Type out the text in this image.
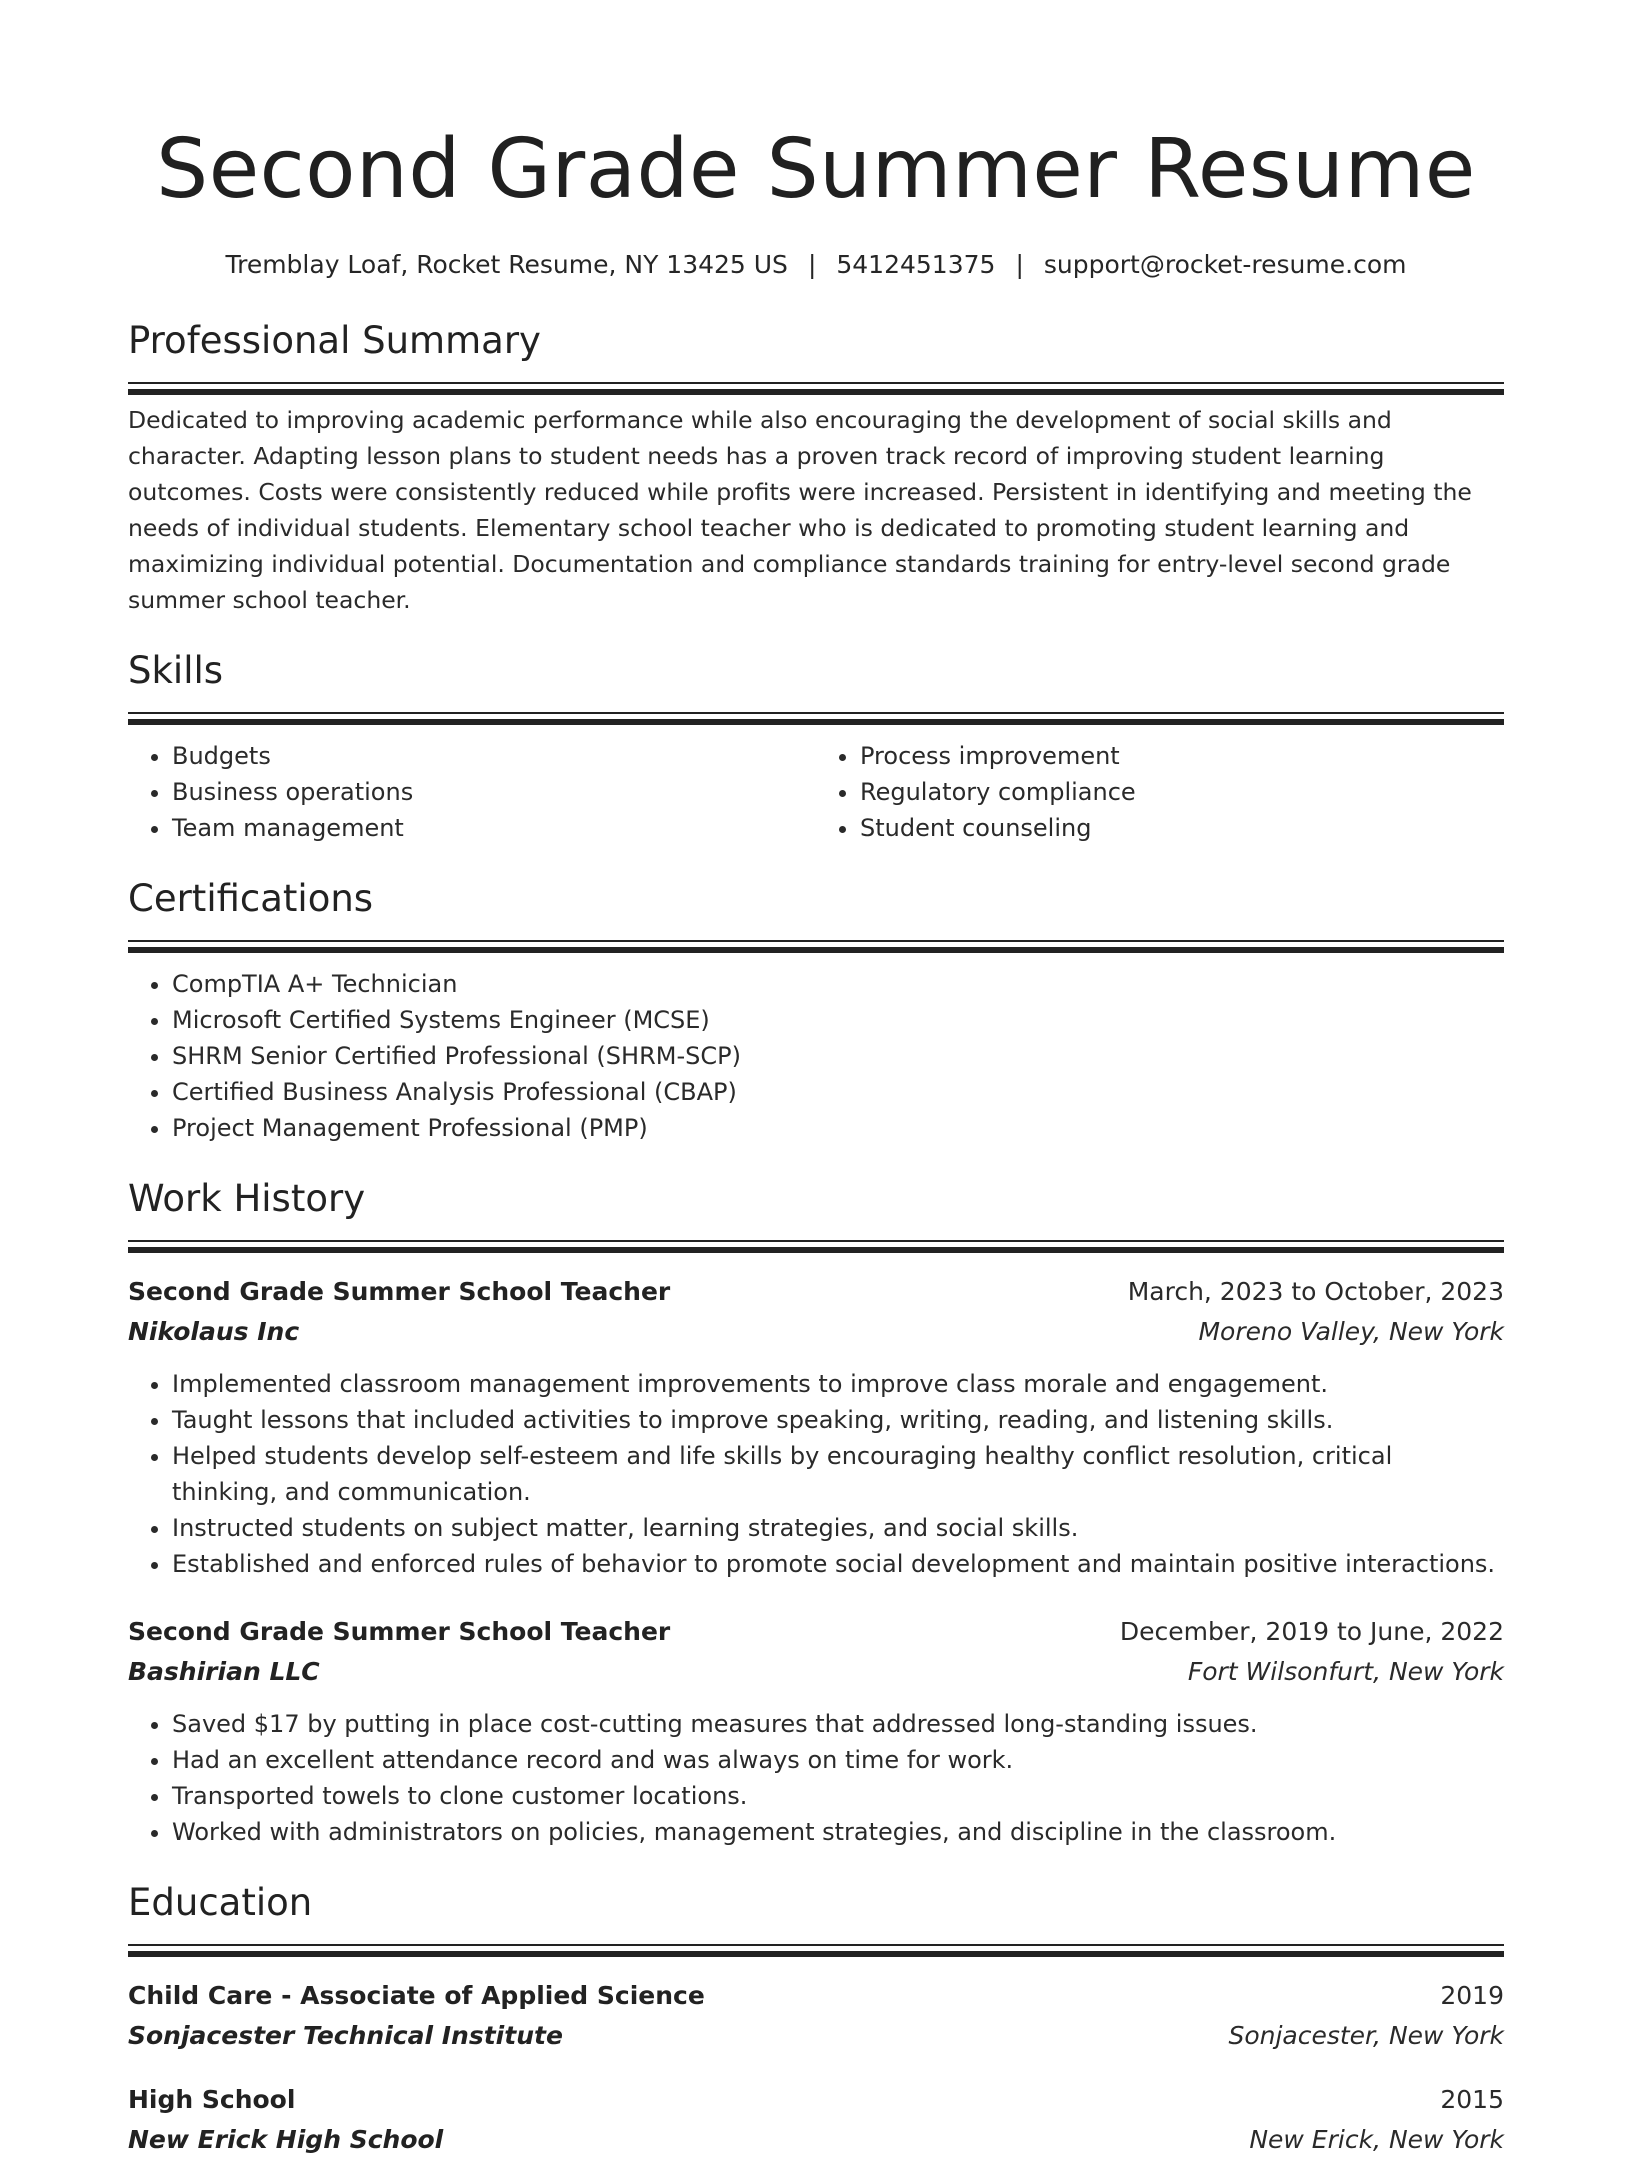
Second Grade Summer Resume
Tremblay Loaf, Rocket Resume, NY 13425 US | 5412451375 | support@rocket-resume.com
Professional Summary
Dedicated to improving academic performance while also encouraging the development of social skills and character. Adapting lesson plans to student needs has a proven track record of improving student learning outcomes. Costs were consistently reduced while profits were increased. Persistent in identifying and meeting the needs of individual students. Elementary school teacher who is dedicated to promoting student learning and maximizing individual potential. Documentation and compliance standards training for entry-level second grade summer school teacher.
Skills
• Budgets
• Business operations
• Team management
• Process improvement
• Regulatory compliance
• Student counseling
Certifications
• CompTIA A+ Technician
• Microsoft Certified Systems Engineer (MCSE)
• SHRM Senior Certified Professional (SHRM-SCP)
• Certified Business Analysis Professional (CBAP)
• Project Management Professional (PMP)
Work History
Second Grade Summer School Teacher	March, 2023 to October, 2023
Nikolaus Inc	Moreno Valley, New York
• Implemented classroom management improvements to improve class morale and engagement.
• Taught lessons that included activities to improve speaking, writing, reading, and listening skills.
• Helped students develop self-esteem and life skills by encouraging healthy conflict resolution, critical thinking, and communication.
• Instructed students on subject matter, learning strategies, and social skills.
• Established and enforced rules of behavior to promote social development and maintain positive interactions.
Second Grade Summer School Teacher	December, 2019 to June, 2022
Bashirian LLC	Fort Wilsonfurt, New York
• Saved $17 by putting in place cost-cutting measures that addressed long-standing issues.
• Had an excellent attendance record and was always on time for work.
• Transported towels to clone customer locations.
• Worked with administrators on policies, management strategies, and discipline in the classroom.
Education
Child Care - Associate of Applied Science	2019
Sonjacester Technical Institute	Sonjacester, New York
High School	2015
New Erick High School	New Erick, New York
